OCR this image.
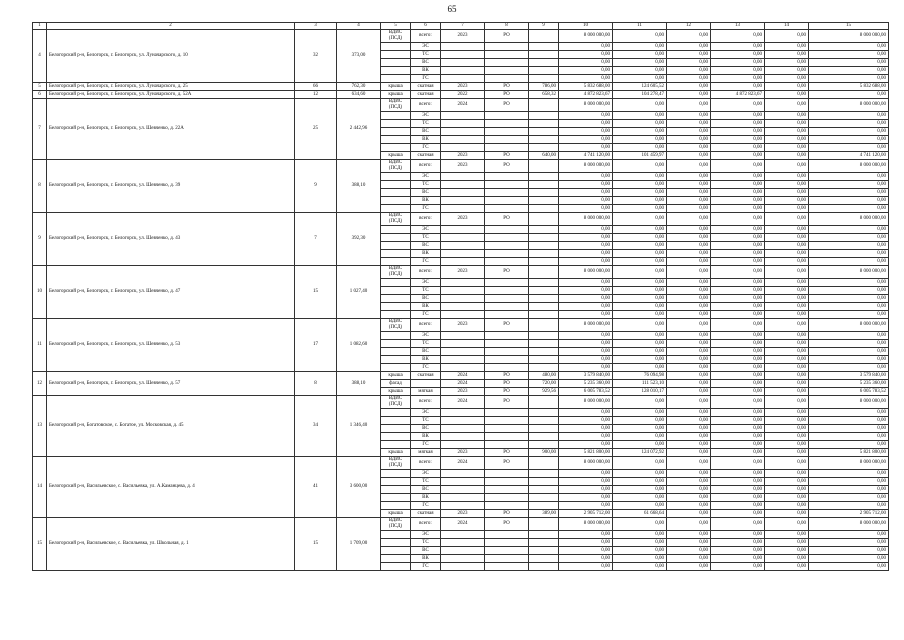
65
1	2	3	4	5	6	7	8	9	10	11	12	13	14	15
4	Белогорский р-н, Белогорск, г. Белогорск, ул. Луначарского, д. 10	32	373,00	ВДИС (ПСД)	всего:	2023	РО		8 000 000,00	0,00	0,00	0,00	0,00	8 000 000,00
					ЭС				0,00	0,00	0,00	0,00	0,00	0,00
					ТС				0,00	0,00	0,00	0,00	0,00	0,00
					ВС				0,00	0,00	0,00	0,00	0,00	0,00
					ВК				0,00	0,00	0,00	0,00	0,00	0,00
					ГС				0,00	0,00	0,00	0,00	0,00	0,00
5	Белогорский р-н, Белогорск, г. Белогорск, ул. Луначарского, д. 25	66	762,30	крыша	скатная	2023	РО	786,00	5 832 688,00	124 605,52	0,00	0,00	0,00	5 832 688,00
6	Белогорский р-н, Белогорск, г. Белогорск, ул. Луначарского, д. 52А	12	634,60	крыша	скатная	2022	РО	658,32	4 872 823,67	104 278,47	0,00	4 872 823,67	0,00	0,00
7	Белогорский р-н, Белогорск, г. Белогорск, ул. Шевченко, д. 22А	25	2 442,96	ВДИС (ПСД)	всего:	2024	РО		8 000 000,00	0,00	0,00	0,00	0,00	8 000 000,00
					ЭС				0,00	0,00	0,00	0,00	0,00	0,00
					ТС				0,00	0,00	0,00	0,00	0,00	0,00
					ВС				0,00	0,00	0,00	0,00	0,00	0,00
					ВК				0,00	0,00	0,00	0,00	0,00	0,00
					ГС				0,00	0,00	0,00	0,00	0,00	0,00
				крыша	скатная	2023	РО	640,00	4 741 120,00	101 459,97	0,00	0,00	0,00	4 741 120,00
8	Белогорский р-н, Белогорск, г. Белогорск, ул. Шевченко, д. 39	9	388,10	ВДИС (ПСД)	всего:	2023	РО		8 000 000,00	0,00	0,00	0,00	0,00	8 000 000,00
					ЭС				0,00	0,00	0,00	0,00	0,00	0,00
					ТС				0,00	0,00	0,00	0,00	0,00	0,00
					ВС				0,00	0,00	0,00	0,00	0,00	0,00
					ВК				0,00	0,00	0,00	0,00	0,00	0,00
					ГС				0,00	0,00	0,00	0,00	0,00	0,00
9	Белогорский р-н, Белогорск, г. Белогорск, ул. Шевченко, д. 43	7	392,30	ВДИС (ПСД)	всего:	2023	РО		8 000 000,00	0,00	0,00	0,00	0,00	8 000 000,00
					ЭС				0,00	0,00	0,00	0,00	0,00	0,00
					ТС				0,00	0,00	0,00	0,00	0,00	0,00
					ВС				0,00	0,00	0,00	0,00	0,00	0,00
					ВК				0,00	0,00	0,00	0,00	0,00	0,00
					ГС				0,00	0,00	0,00	0,00	0,00	0,00
10	Белогорский р-н, Белогорск, г. Белогорск, ул. Шевченко, д. 47	15	1 027,40	ВДИС (ПСД)	всего:	2023	РО		8 000 000,00	0,00	0,00	0,00	0,00	8 000 000,00
					ЭС				0,00	0,00	0,00	0,00	0,00	0,00
					ТС				0,00	0,00	0,00	0,00	0,00	0,00
					ВС				0,00	0,00	0,00	0,00	0,00	0,00
					ВК				0,00	0,00	0,00	0,00	0,00	0,00
					ГС				0,00	0,00	0,00	0,00	0,00	0,00
11	Белогорский р-н, Белогорск, г. Белогорск, ул. Шевченко, д. 53	17	1 082,60	ВДИС (ПСД)	всего:	2023	РО		8 000 000,00	0,00	0,00	0,00	0,00	8 000 000,00
					ЭС				0,00	0,00	0,00	0,00	0,00	0,00
					ТС				0,00	0,00	0,00	0,00	0,00	0,00
					ВС				0,00	0,00	0,00	0,00	0,00	0,00
					ВК				0,00	0,00	0,00	0,00	0,00	0,00
					ГС				0,00	0,00	0,00	0,00	0,00	0,00
12	Белогорский р-н, Белогорск, г. Белогорск, ул. Шевченко, д. 57	8	388,10	крыша	скатная	2024	РО	480,00	3 579 840,00	76 094,98	0,00	0,00	0,00	3 579 840,00
				фасад		2024	РО	720,00	5 235 360,00	111 523,10	0,00	0,00	0,00	5 235 360,00
				крыша	мягкая	2023	РО	929,56	6 005 783,52	128 010,17	0,00	0,00	0,00	6 005 783,52
13	Белогорский р-н, Богатовское, с. Богатое, ул. Московская, д. 45	34	1 346,40	ВДИС (ПСД)	всего:	2024	РО		8 000 000,00	0,00	0,00	0,00	0,00	8 000 000,00
					ЭС				0,00	0,00	0,00	0,00	0,00	0,00
					ТС				0,00	0,00	0,00	0,00	0,00	0,00
					ВС				0,00	0,00	0,00	0,00	0,00	0,00
					ВК				0,00	0,00	0,00	0,00	0,00	0,00
					ГС				0,00	0,00	0,00	0,00	0,00	0,00
				крыша	мягкая	2023	РО	900,00	5 821 800,00	124 072,92	0,00	0,00	0,00	5 821 800,00
14	Белогорский р-н, Васильевское, с. Васильевка, ул. А.Каманцева, д. 4	41	3 600,00	ВДИС (ПСД)	всего:	2024	РО		8 000 000,00	0,00	0,00	0,00	0,00	8 000 000,00
					ЭС				0,00	0,00	0,00	0,00	0,00	0,00
					ТС				0,00	0,00	0,00	0,00	0,00	0,00
					ВС				0,00	0,00	0,00	0,00	0,00	0,00
					ВК				0,00	0,00	0,00	0,00	0,00	0,00
					ГС				0,00	0,00	0,00	0,00	0,00	0,00
				крыша	скатная	2023	РО	389,00	2 905 712,00	61 668,64	0,00	0,00	0,00	2 905 712,00
15	Белогорский р-н, Васильевское, с. Васильевка, ул. Школьная, д. 1	15	1 709,00	ВДИС (ПСД)	всего:	2024	РО		8 000 000,00	0,00	0,00	0,00	0,00	8 000 000,00
					ЭС				0,00	0,00	0,00	0,00	0,00	0,00
					ТС				0,00	0,00	0,00	0,00	0,00	0,00
					ВС				0,00	0,00	0,00	0,00	0,00	0,00
					ВК				0,00	0,00	0,00	0,00	0,00	0,00
					ГС				0,00	0,00	0,00	0,00	0,00	0,00
